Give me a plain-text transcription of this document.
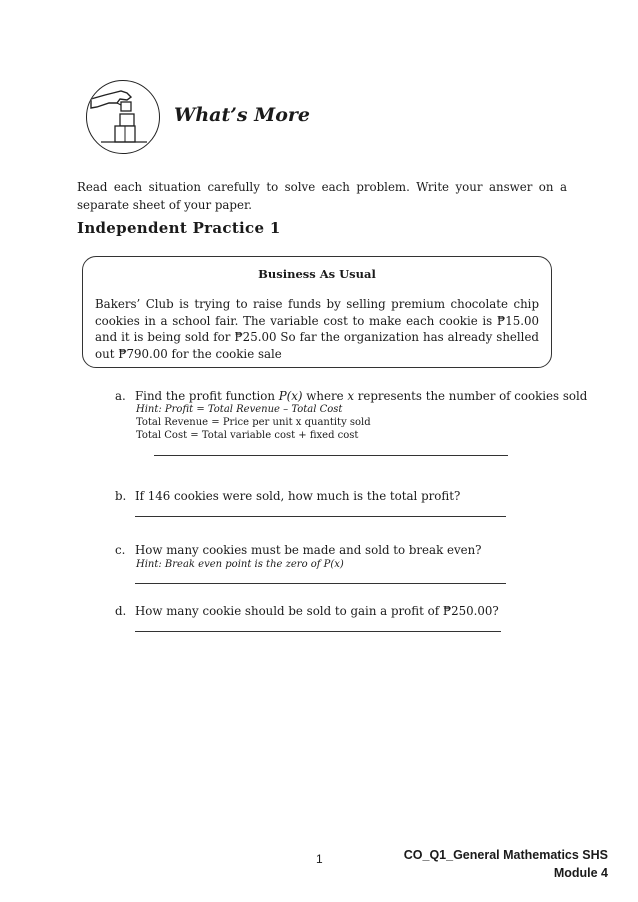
What’s More
Read each situation carefully to solve each problem. Write your answer on a separate sheet of your paper.
Independent Practice 1
Business As Usual
Bakers’ Club is trying to raise funds by selling premium chocolate chip cookies in a school fair. The variable cost to make each cookie is ₱15.00 and it is being sold for ₱25.00 So far the organization has already shelled out ₱790.00 for the cookie sale
a. Find the profit function P(x) where x represents the number of cookies sold
Hint: Profit = Total Revenue – Total Cost
Total Revenue = Price per unit x quantity sold
Total Cost = Total variable cost + fixed cost
b. If 146 cookies were sold, how much is the total profit?
c. How many cookies must be made and sold to break even?
Hint: Break even point is the zero of P(x)
d. How many cookie should be sold to gain a profit of ₱250.00?
1	CO_Q1_General Mathematics SHS
Module 4
